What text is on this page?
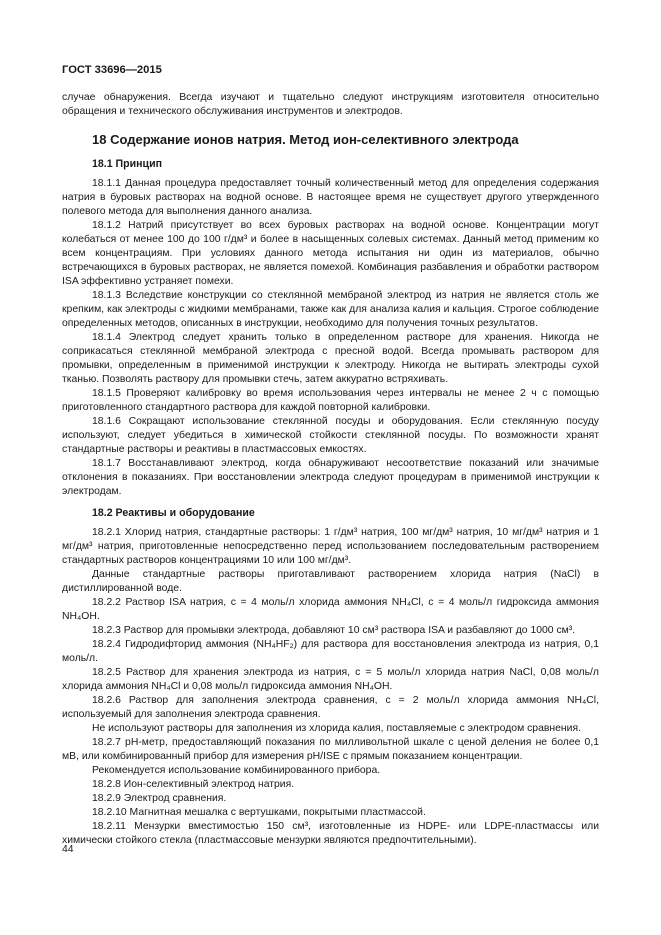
ГОСТ 33696—2015

случае обнаружения. Всегда изучают и тщательно следуют инструкциям изготовителя относительно обращения и технического обслуживания инструментов и электродов.

18 Содержание ионов натрия. Метод ион-селективного электрода
18.1 Принцип

18.1.1 Данная процедура предоставляет точный количественный метод для определения содержания натрия в буровых растворах на водной основе. В настоящее время не существует другого утвержденного полевого метода для выполнения данного анализа.

18.1.2 Натрий присутствует во всех буровых растворах на водной основе. Концентрации могут колебаться от менее 100 до 100 г/дм³ и более в насыщенных солевых системах. Данный метод применим ко всем концентрациям. При условиях данного метода испытания ни один из материалов, обычно встречающихся в буровых растворах, не является помехой. Комбинация разбавления и обработки раствором ISA эффективно устраняет помехи.

18.1.3 Вследствие конструкции со стеклянной мембраной электрод из натрия не является столь же крепким, как электроды с жидкими мембранами, также как для анализа калия и кальция. Строгое соблюдение определенных методов, описанных в инструкции, необходимо для получения точных результатов.

18.1.4 Электрод следует хранить только в определенном растворе для хранения. Никогда не соприкасаться стеклянной мембраной электрода с пресной водой. Всегда промывать раствором для промывки, определенным в применимой инструкции к электроду. Никогда не вытирать электроды сухой тканью. Позволять раствору для промывки стечь, затем аккуратно встряхивать.

18.1.5 Проверяют калибровку во время использования через интервалы не менее 2 ч с помощью приготовленного стандартного раствора для каждой повторной калибровки.

18.1.6 Сокращают использование стеклянной посуды и оборудования. Если стеклянную посуду используют, следует убедиться в химической стойкости стеклянной посуды. По возможности хранят стандартные растворы и реактивы в пластмассовых емкостях.

18.1.7 Восстанавливают электрод, когда обнаруживают несоответствие показаний или значимые отклонения в показаниях. При восстановлении электрода следуют процедурам в применимой инструкции к электродам.

18.2 Реактивы и оборудование

18.2.1 Хлорид натрия, стандартные растворы: 1 г/дм³ натрия, 100 мг/дм³ натрия, 10 мг/дм³ натрия и 1 мг/дм³ натрия, приготовленные непосредственно перед использованием последовательным растворением стандартных растворов концентрациями 10 или 100 мг/дм³.

Данные стандартные растворы приготавливают растворением хлорида натрия (NaCl) в дистиллированной воде.

18.2.2 Раствор ISA натрия, c = 4 моль/л хлорида аммония NH₄Cl, c = 4 моль/л гидроксида аммония NH₄OH.

18.2.3 Раствор для промывки электрода, добавляют 10 см³ раствора ISA и разбавляют до 1000 см³.

18.2.4 Гидродифторид аммония (NH₄HF₂) для раствора для восстановления электрода из натрия, 0,1 моль/л.

18.2.5 Раствор для хранения электрода из натрия, c = 5 моль/л хлорида натрия NaCl, 0,08 моль/л хлорида аммония NH₄Cl и 0,08 моль/л гидроксида аммония NH₄OH.

18.2.6 Раствор для заполнения электрода сравнения, c = 2 моль/л хлорида аммония NH₄Cl, используемый для заполнения электрода сравнения.

Не используют растворы для заполнения из хлорида калия, поставляемые с электродом сравнения.

18.2.7 pH-метр, предоставляющий показания по милливольтной шкале с ценой деления не более 0,1 мВ, или комбинированный прибор для измерения pH/ISE с прямым показанием концентрации.

Рекомендуется использование комбинированного прибора.

18.2.8 Ион-селективный электрод натрия.

18.2.9 Электрод сравнения.

18.2.10 Магнитная мешалка с вертушками, покрытыми пластмассой.

18.2.11 Мензурки вместимостью 150 см³, изготовленные из HDPE- или LDPE-пластмассы или химически стойкого стекла (пластмассовые мензурки являются предпочтительными).

44
